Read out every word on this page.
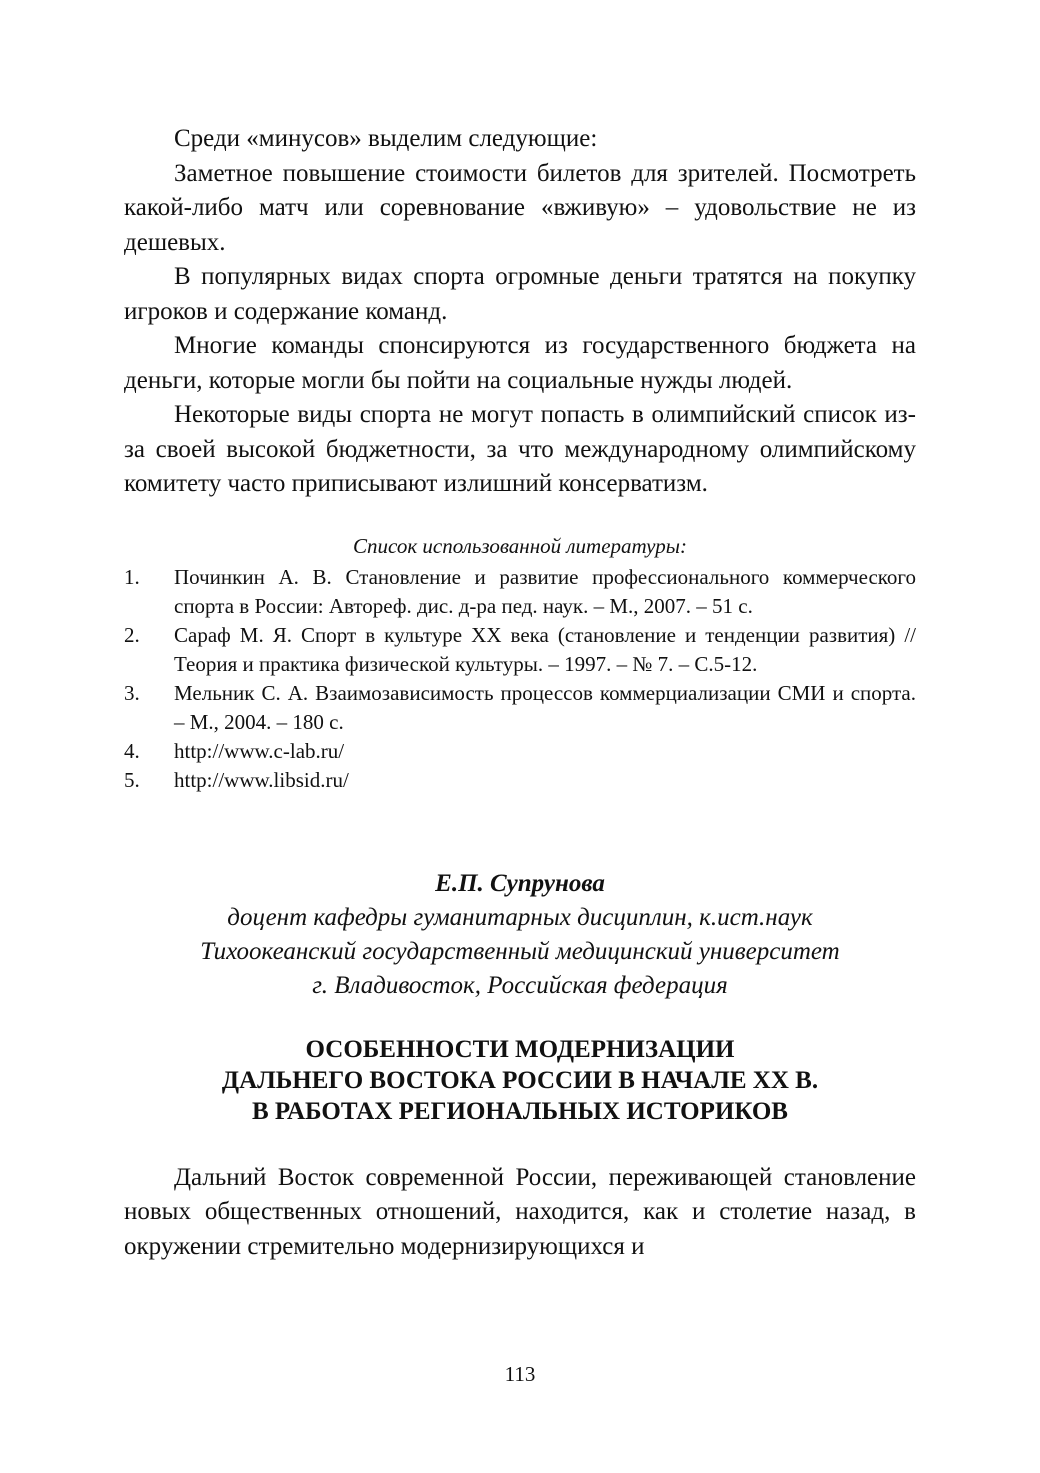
Среди «минусов» выделим следующие:

Заметное повышение стоимости билетов для зрителей. Посмотреть какой-либо матч или соревнование «вживую» – удовольствие не из дешевых.

В популярных видах спорта огромные деньги тратятся на покупку игроков и содержание команд.

Многие команды спонсируются из государственного бюджета на деньги, которые могли бы пойти на социальные нужды людей.

Некоторые виды спорта не могут попасть в олимпийский список из-за своей высокой бюджетности, за что международному олимпийскому комитету часто приписывают излишний консерватизм.

Список использованной литературы:
1.	Починкин А. В. Становление и развитие профессионального коммерческого спорта в России: Автореф. дис. д-ра пед. наук. – М., 2007. – 51 с.
2.	Сараф М. Я. Спорт в культуре XX века (становление и тенденции развития) // Теория и практика физической культуры. – 1997. – № 7. – С.5-12.
3.	Мельник С. А. Взаимозависимость процессов коммерциализации СМИ и спорта. – М., 2004. – 180 с.
4.	http://www.c-lab.ru/
5.	http://www.libsid.ru/
Е.П. Супрунова
доцент кафедры гуманитарных дисциплин, к.ист.наук
Тихоокеанский государственный медицинский университет
г. Владивосток, Российская федерация
ОСОБЕННОСТИ МОДЕРНИЗАЦИИ
ДАЛЬНЕГО ВОСТОКА РОССИИ В НАЧАЛЕ XX В.
В РАБОТАХ РЕГИОНАЛЬНЫХ ИСТОРИКОВ

Дальний Восток современной России, переживающей становление новых общественных отношений, находится, как и столетие назад, в окружении стремительно модернизирующихся и

113
